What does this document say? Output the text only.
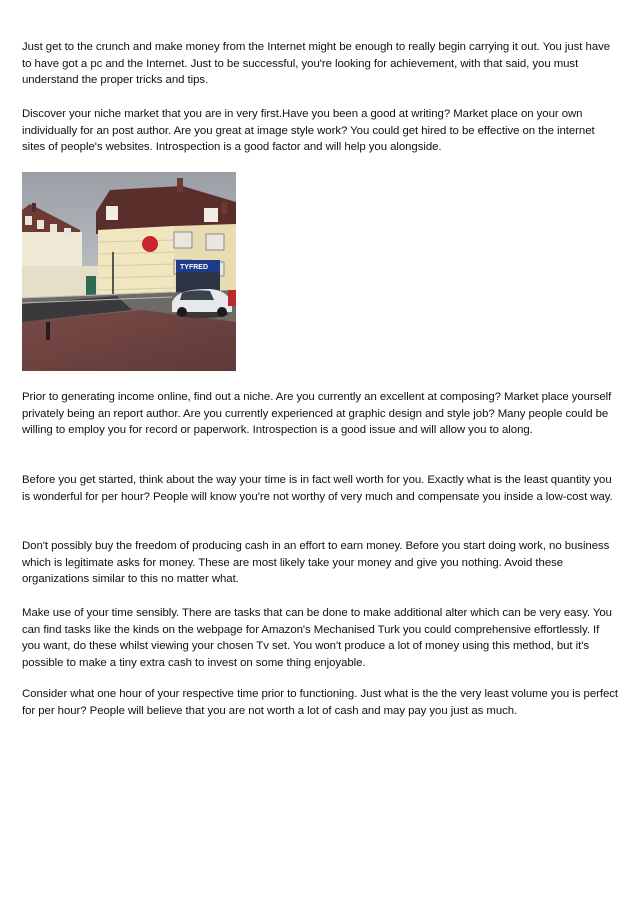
Just get to the crunch and make money from the Internet might be enough to really begin carrying it out. You just have to have got a pc and the Internet. Just to be successful, you're looking for achievement, with that said, you must understand the proper tricks and tips.

Discover your niche market that you are in very first.Have you been a good at writing? Market place on your own individually for an post author. Are you great at image style work? You could get hired to be effective on the internet sites of people's websites. Introspection is a good factor and will help you alongside.

TYFRED

Prior to generating income online, find out a niche. Are you currently an excellent at composing? Market place yourself privately being an report author. Are you currently experienced at graphic design and style job? Many people could be willing to employ you for record or paperwork. Introspection is a good issue and will allow you to along.

Before you get started, think about the way your time is in fact well worth for you. Exactly what is the least quantity you is wonderful for per hour? People will know you're not worthy of very much and compensate you inside a low-cost way.

Don't possibly buy the freedom of producing cash in an effort to earn money. Before you start doing work, no business which is legitimate asks for money. These are most likely take your money and give you nothing. Avoid these organizations similar to this no matter what.

Make use of your time sensibly. There are tasks that can be done to make additional alter which can be very easy. You can find tasks like the kinds on the webpage for Amazon's Mechanised Turk you could comprehensive effortlessly. If you want, do these whilst viewing your chosen Tv set. You won't produce a lot of money using this method, but it's possible to make a tiny extra cash to invest on some thing enjoyable.

Consider what one hour of your respective time prior to functioning. Just what is the the very least volume you is perfect for per hour? People will believe that you are not worth a lot of cash and may pay you just as much.
